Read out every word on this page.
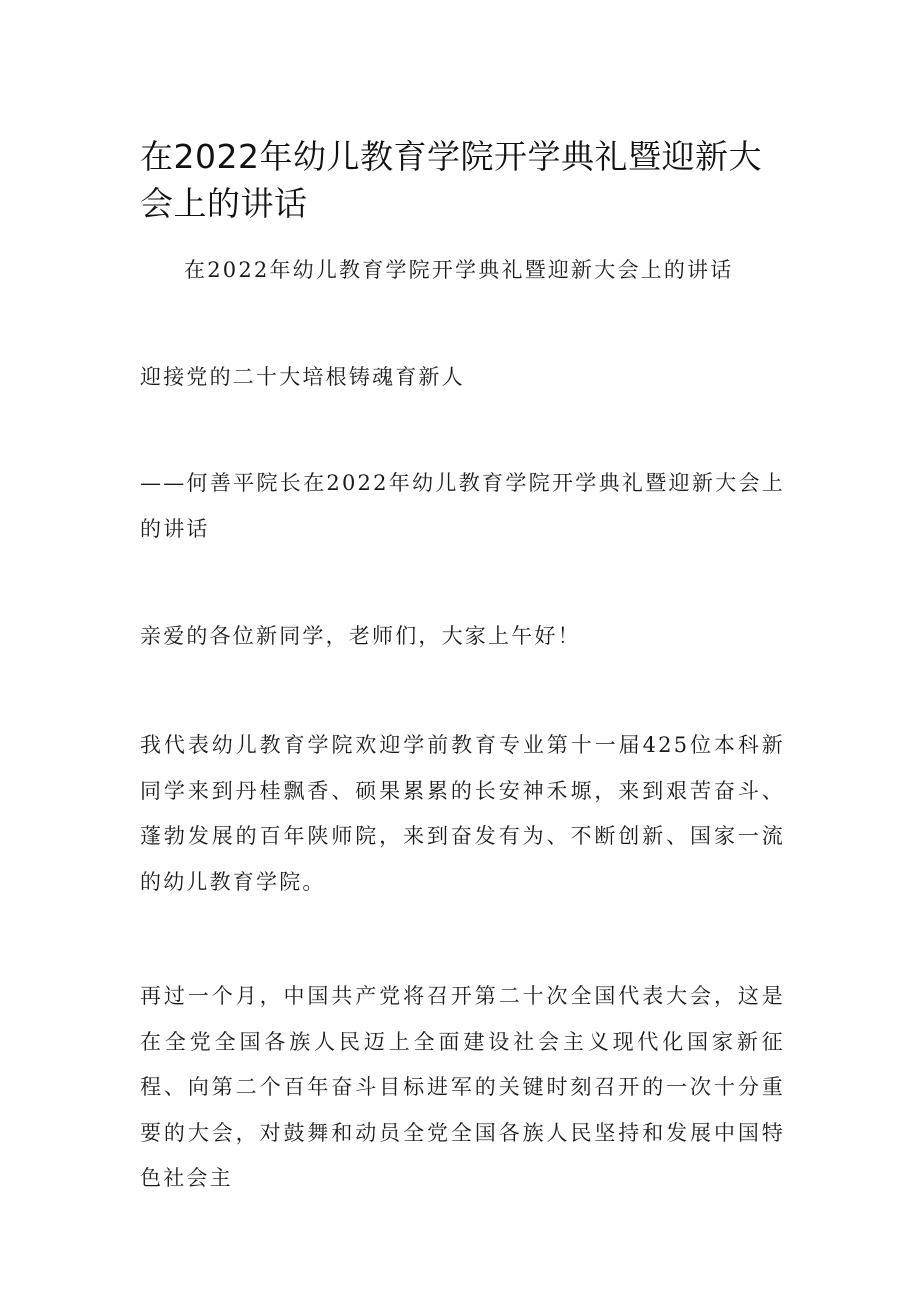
在2022年幼儿教育学院开学典礼暨迎新大会上的讲话

在2022年幼儿教育学院开学典礼暨迎新大会上的讲话

迎接党的二十大培根铸魂育新人

——何善平院长在2022年幼儿教育学院开学典礼暨迎新大会上的讲话

亲爱的各位新同学，老师们，大家上午好！

我代表幼儿教育学院欢迎学前教育专业第十一届425位本科新同学来到丹桂飘香、硕果累累的长安神禾塬，来到艰苦奋斗、蓬勃发展的百年陕师院，来到奋发有为、不断创新、国家一流的幼儿教育学院。

再过一个月，中国共产党将召开第二十次全国代表大会，这是在全党全国各族人民迈上全面建设社会主义现代化国家新征程、向第二个百年奋斗目标进军的关键时刻召开的一次十分重要的大会，对鼓舞和动员全党全国各族人民坚持和发展中国特色社会主
